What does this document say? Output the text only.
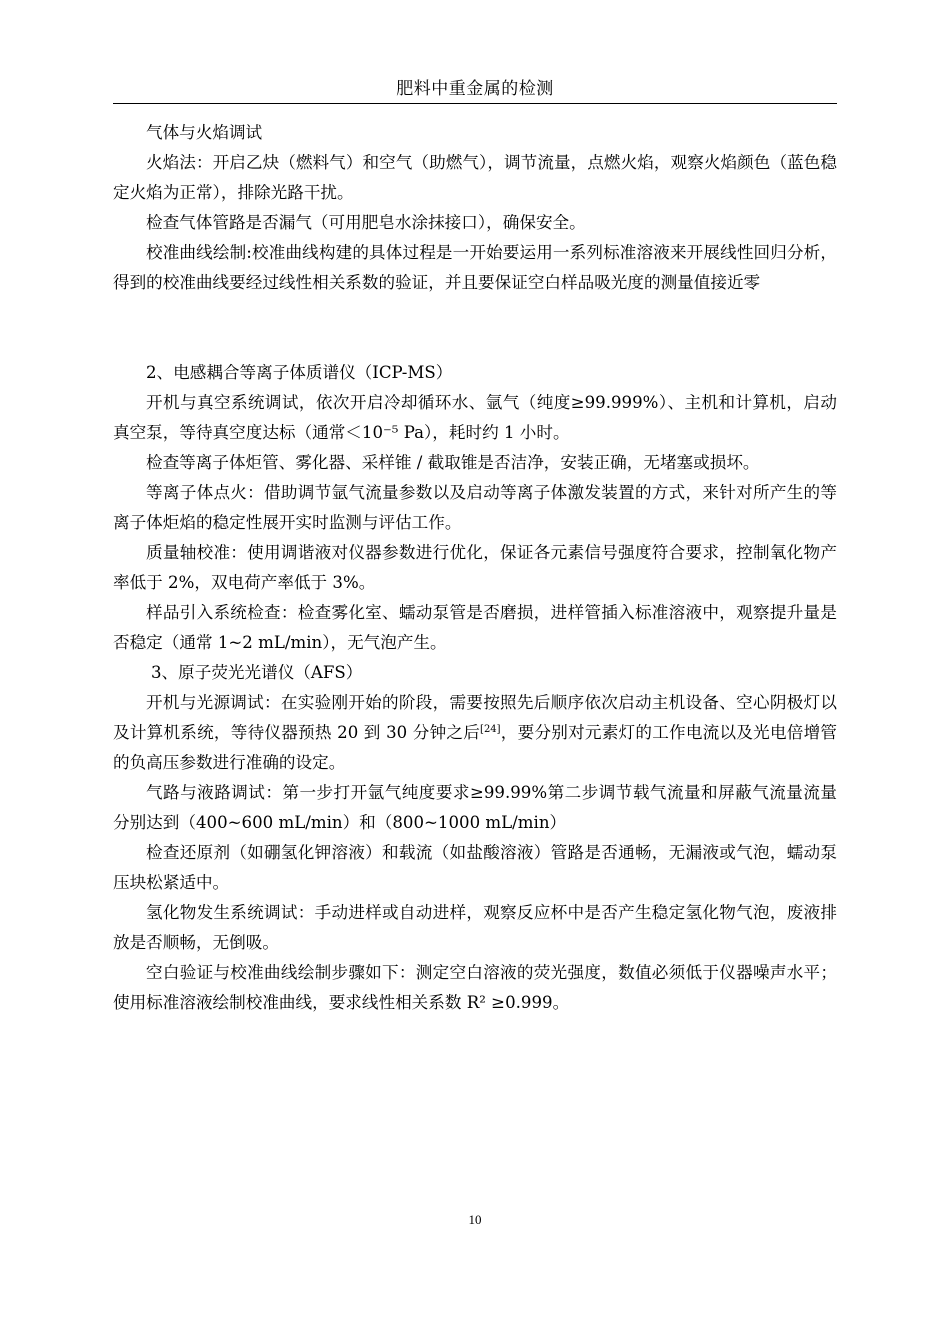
肥料中重金属的检测

气体与火焰调试

火焰法：开启乙炔（燃料气）和空气（助燃气），调节流量，点燃火焰，观察火焰颜色（蓝色稳定火焰为正常），排除光路干扰。

检查气体管路是否漏气（可用肥皂水涂抹接口），确保安全。

校准曲线绘制:校准曲线构建的具体过程是一开始要运用一系列标准溶液来开展线性回归分析，得到的校准曲线要经过线性相关系数的验证，并且要保证空白样品吸光度的测量值接近零

2、电感耦合等离子体质谱仪（ICP-MS）

开机与真空系统调试，依次开启冷却循环水、氩气（纯度≥99.999%）、主机和计算机，启动真空泵，等待真空度达标（通常＜10⁻⁵ Pa），耗时约 1 小时。

检查等离子体炬管、雾化器、采样锥 / 截取锥是否洁净，安装正确，无堵塞或损坏。

等离子体点火：借助调节氩气流量参数以及启动等离子体激发装置的方式，来针对所产生的等离子体炬焰的稳定性展开实时监测与评估工作。

质量轴校准：使用调谐液对仪器参数进行优化，保证各元素信号强度符合要求，控制氧化物产率低于 2%，双电荷产率低于 3%。

样品引入系统检查：检查雾化室、蠕动泵管是否磨损，进样管插入标准溶液中，观察提升量是否稳定（通常 1~2 mL/min），无气泡产生。

3、原子荧光光谱仪（AFS）

开机与光源调试：在实验刚开始的阶段，需要按照先后顺序依次启动主机设备、空心阴极灯以及计算机系统，等待仪器预热 20 到 30 分钟之后[24]，要分别对元素灯的工作电流以及光电倍增管的负高压参数进行准确的设定。

气路与液路调试：第一步打开氩气纯度要求≥99.99%第二步调节载气流量和屏蔽气流量流量分别达到（400~600 mL/min）和（800~1000 mL/min）

检查还原剂（如硼氢化钾溶液）和载流（如盐酸溶液）管路是否通畅，无漏液或气泡，蠕动泵压块松紧适中。

氢化物发生系统调试：手动进样或自动进样，观察反应杯中是否产生稳定氢化物气泡，废液排放是否顺畅，无倒吸。

空白验证与校准曲线绘制步骤如下：测定空白溶液的荧光强度，数值必须低于仪器噪声水平；使用标准溶液绘制校准曲线，要求线性相关系数 R² ≥0.999。

10
